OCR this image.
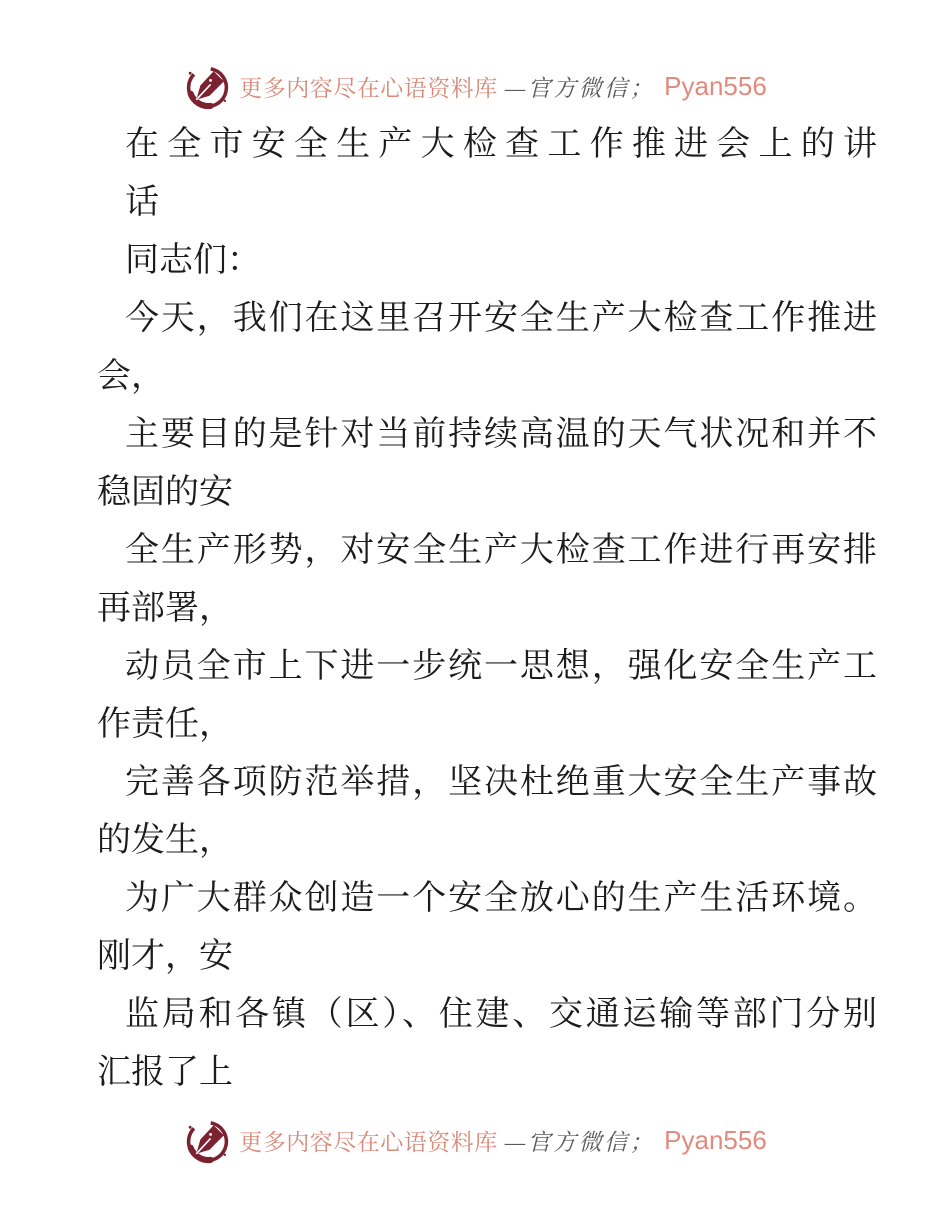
更多内容尽在心语资料库 —官方微信； Pyan556
在全市安全生产大检查工作推进会上的讲
话
同志们：
今天，我们在这里召开安全生产大检查工作推进
会，
主要目的是针对当前持续高温的天气状况和并不
稳固的安
全生产形势，对安全生产大检查工作进行再安排
再部署，
动员全市上下进一步统一思想，强化安全生产工
作责任，
完善各项防范举措，坚决杜绝重大安全生产事故
的发生，
为广大群众创造一个安全放心的生产生活环境。
刚才，安
监局和各镇（区）、住建、交通运输等部门分别
汇报了上
更多内容尽在心语资料库 —官方微信； Pyan556
